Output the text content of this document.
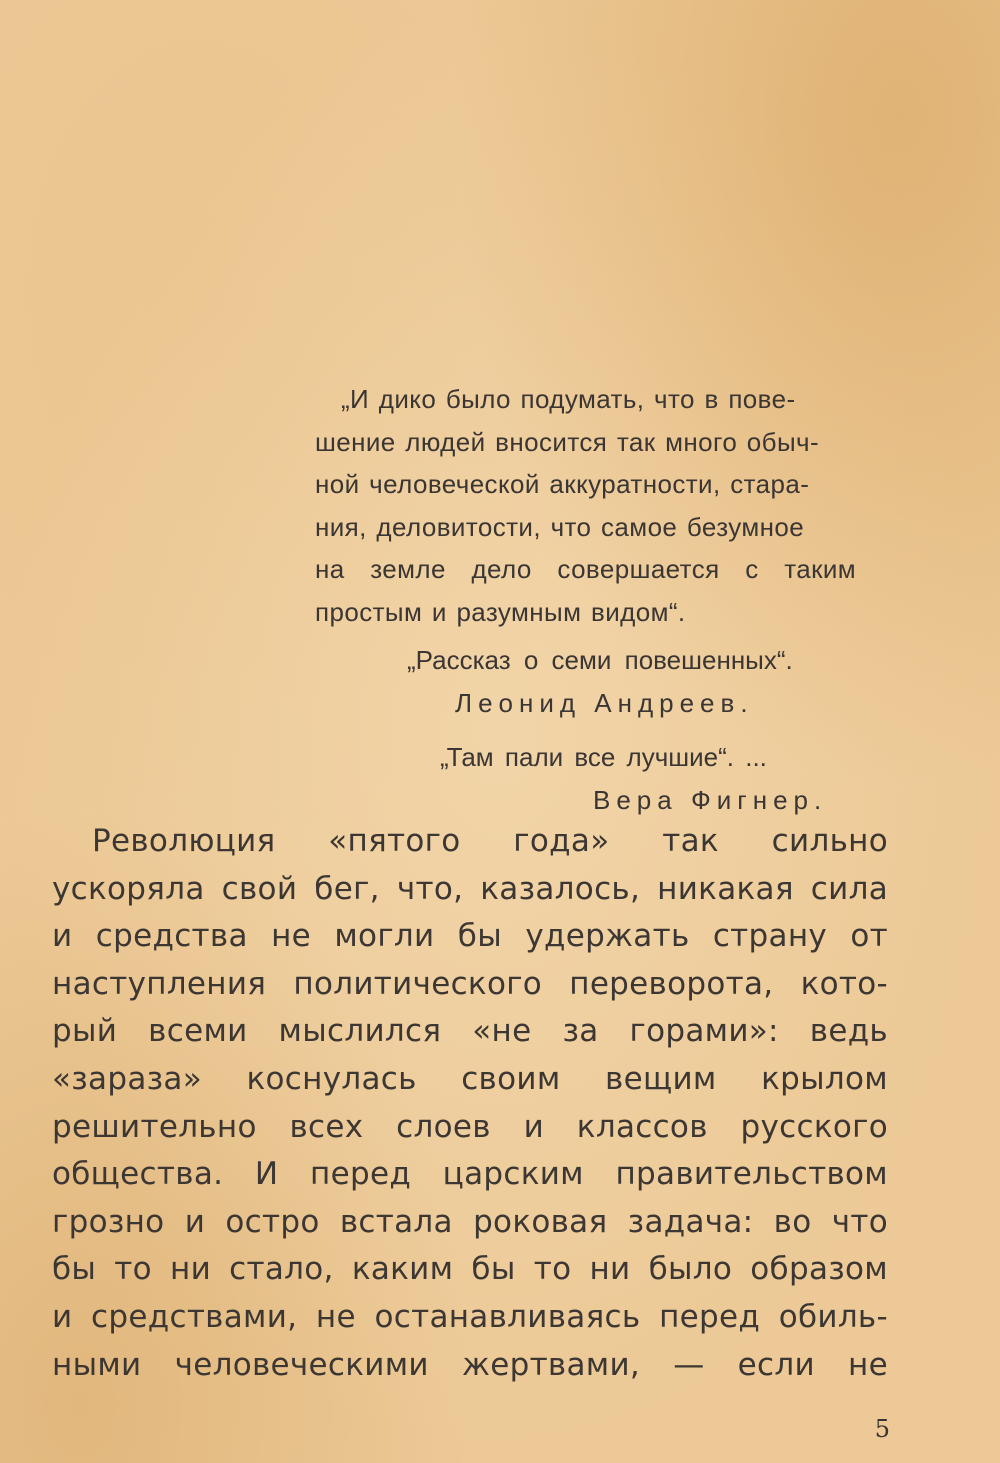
„И дико было подумать, что в пове-
шение людей вносится так много обыч-
ной человеческой аккуратности, стара-
ния, деловитости, что самое безумное
на земле дело совершается с таким
простым и разумным видом“.
„Рассказ о семи повешенных“.
Леонид Андреев.
„Там пали все лучшие“. ...
Вера Фигнер.
Революция «пятого года» так сильно
ускоряла свой бег, что, казалось, никакая сила
и средства не могли бы удержать страну от
наступления политического переворота, кото-
рый всеми мыслился «не за горами»: ведь
«зараза» коснулась своим вещим крылом
решительно всех слоев и классов русского
общества. И перед царским правительством
грозно и остро встала роковая задача: во что
бы то ни стало, каким бы то ни было образом
и средствами, не останавливаясь перед обиль-
ными человеческими жертвами, — если не
5
